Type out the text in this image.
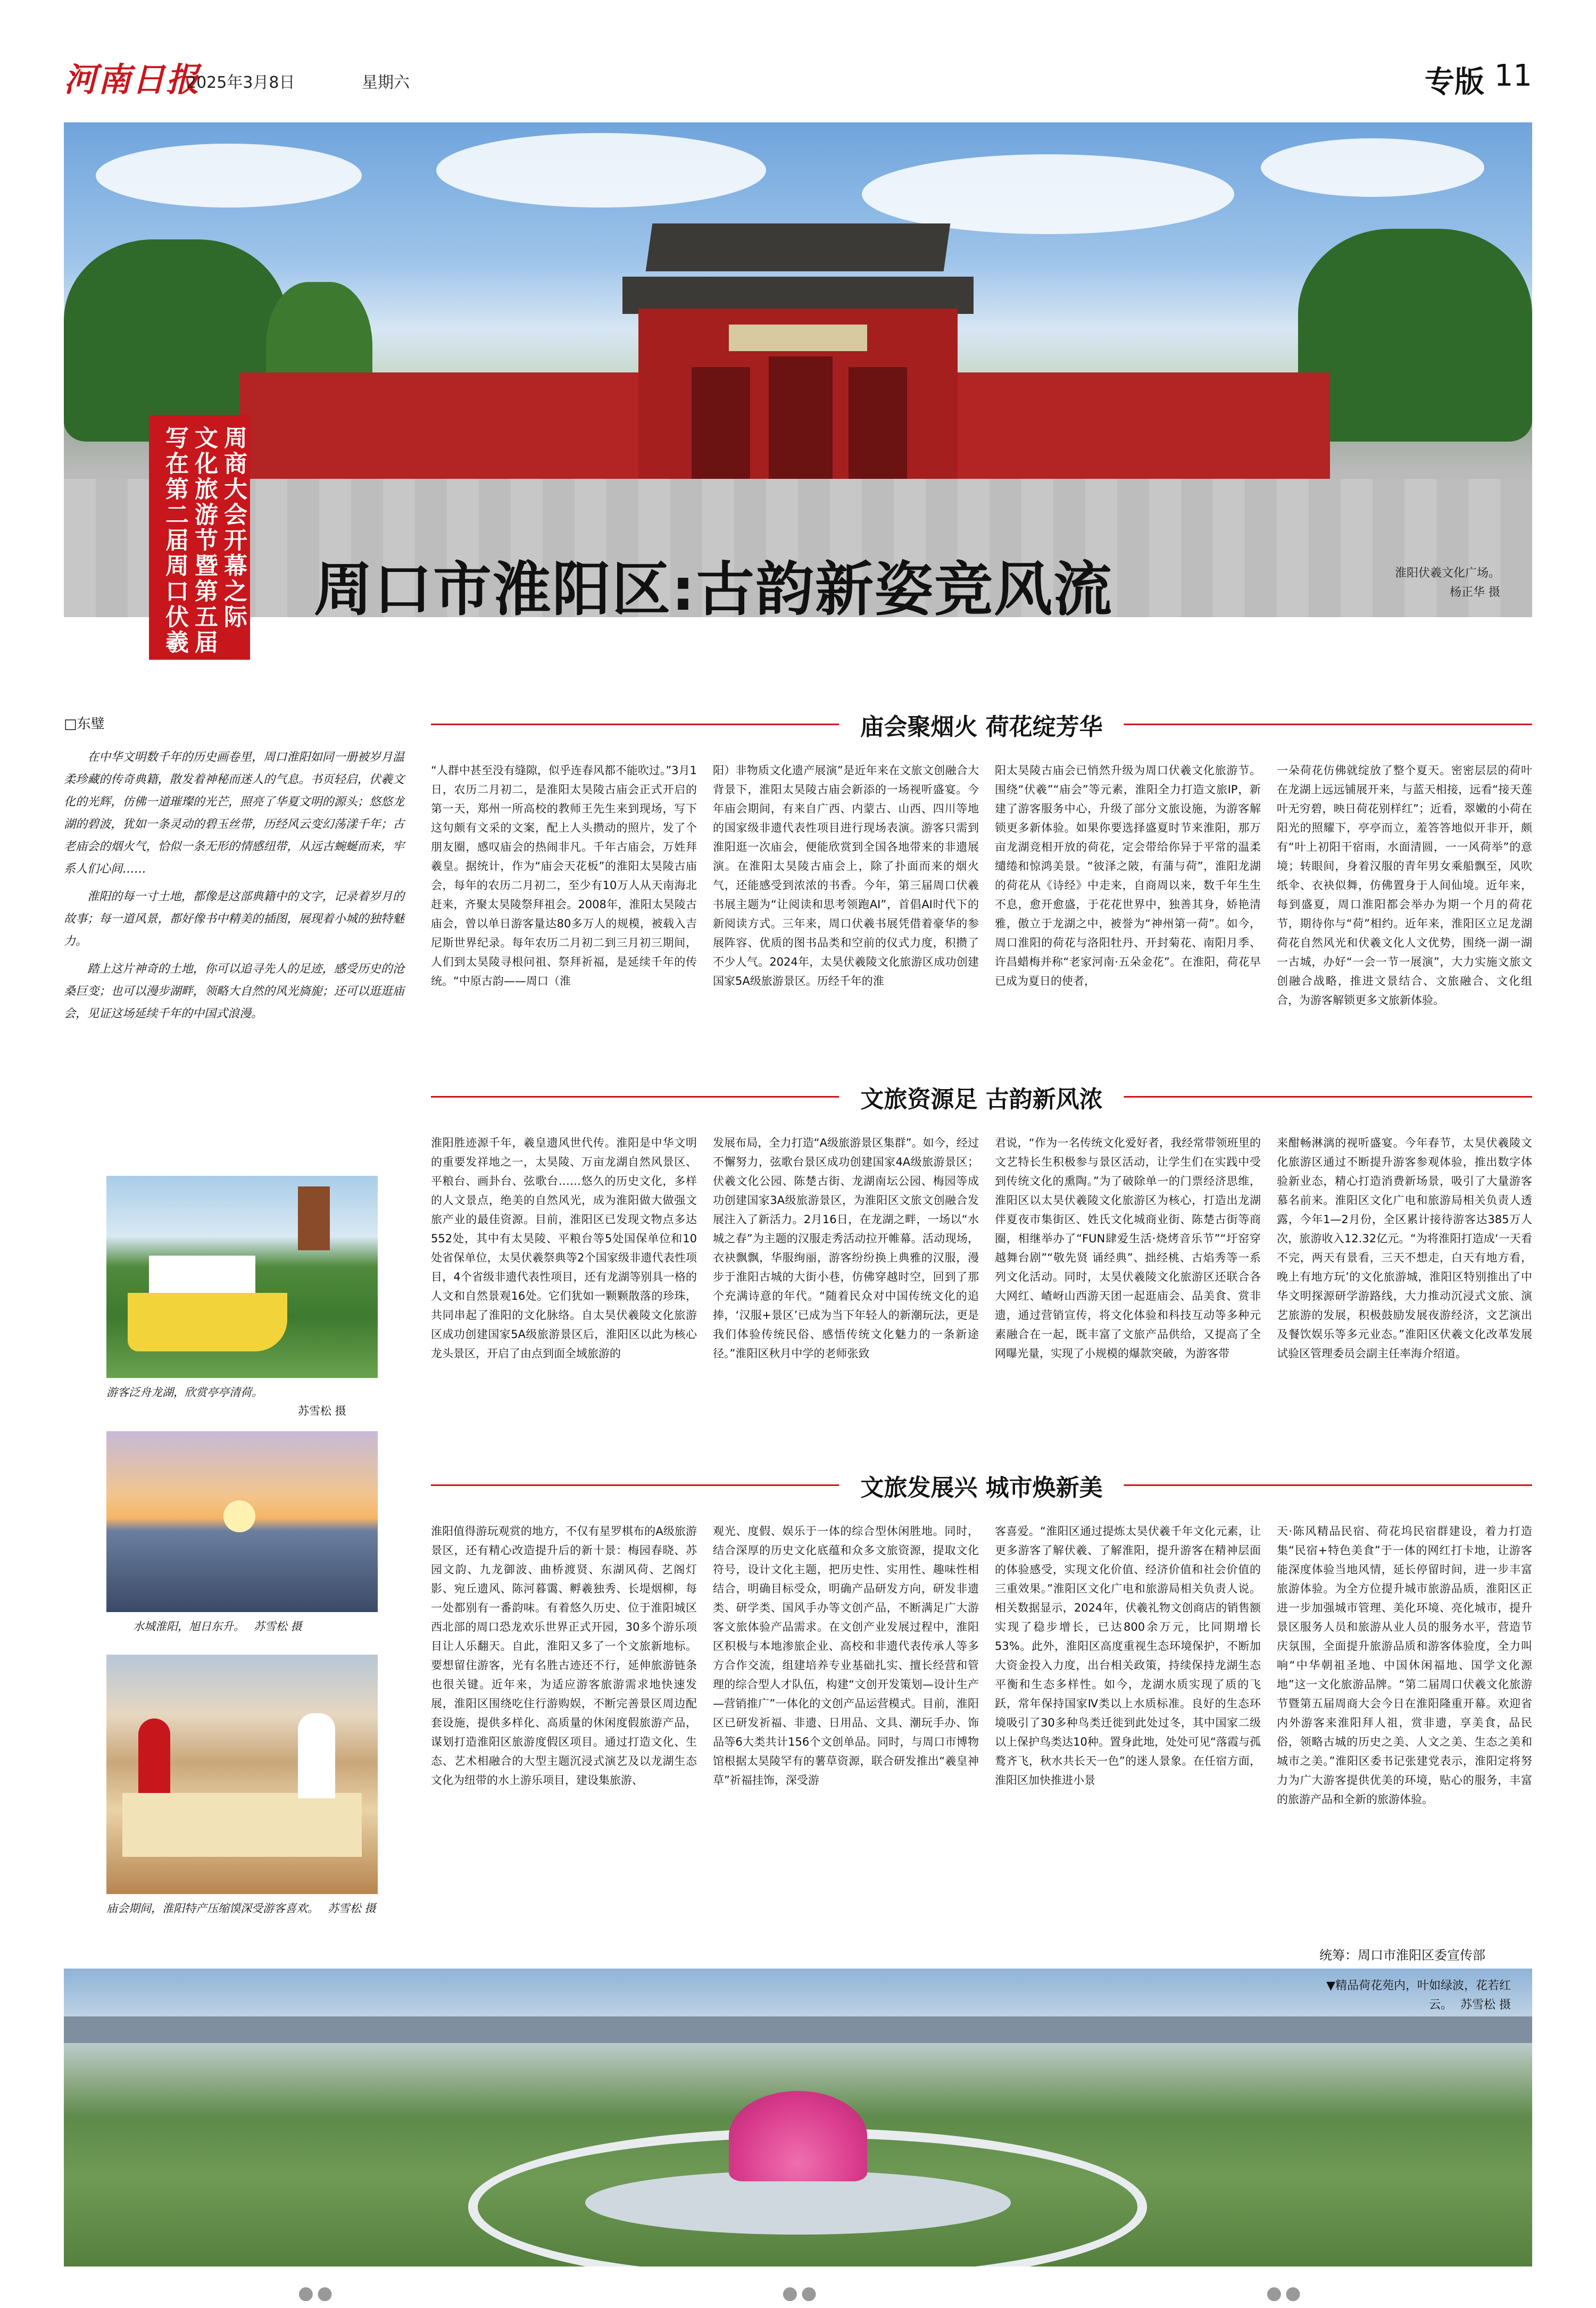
河南日报
2025年3月8日	星期六	专版 11
周商大会开幕之际
文化旅游节暨第五届
写在第二届周口伏羲 周口市淮阳区:古韵新姿竞风流	淮阳伏羲文化广场。
杨正华 摄
□东璧

在中华文明数千年的历史画卷里，周口淮阳如同一册被岁月温柔珍藏的传奇典籍，散发着神秘而迷人的气息。书页轻启，伏羲文化的光辉，仿佛一道璀璨的光芒，照亮了华夏文明的源头；悠悠龙湖的碧波，犹如一条灵动的碧玉丝带，历经风云变幻荡漾千年；古老庙会的烟火气，恰似一条无形的情感纽带，从远古蜿蜒而来，牢系人们心间……

淮阳的每一寸土地，都像是这部典籍中的文字，记录着岁月的故事；每一道风景，都好像书中精美的插图，展现着小城的独特魅力。

踏上这片神奇的土地，你可以追寻先人的足迹，感受历史的沧桑巨变；也可以漫步湖畔，领略大自然的风光旖旎；还可以逛逛庙会，见证这场延续千年的中国式浪漫。

庙会聚烟火 荷花绽芳华
“人群中甚至没有缝隙，似乎连春风都不能吹过。”3月1日，农历二月初二，是淮阳太昊陵古庙会正式开启的第一天，郑州一所高校的教师王先生来到现场，写下这句颇有文采的文案，配上人头攒动的照片，发了个朋友圈，感叹庙会的热闹非凡。千年古庙会，万姓拜羲皇。据统计，作为“庙会天花板”的淮阳太昊陵古庙会，每年的农历二月初二，至少有10万人从天南海北赶来，齐聚太昊陵祭拜祖会。2008年，淮阳太昊陵古庙会，曾以单日游客量达80多万人的规模，被载入吉尼斯世界纪录。每年农历二月初二到三月初三期间，人们到太昊陵寻根问祖、祭拜祈福，是延续千年的传统。“中原古韵——周口（淮
阳）非物质文化遗产展演”是近年来在文旅文创融合大背景下，淮阳太昊陵古庙会新添的一场视听盛宴。今年庙会期间，有来自广西、内蒙古、山西、四川等地的国家级非遗代表性项目进行现场表演。游客只需到淮阳逛一次庙会，便能欣赏到全国各地带来的非遗展演。在淮阳太昊陵古庙会上，除了扑面而来的烟火气，还能感受到浓浓的书香。今年，第三届周口伏羲书展主题为“让阅读和思考领跑AI”，首倡AI时代下的新阅读方式。三年来，周口伏羲书展凭借着豪华的参展阵容、优质的图书品类和空前的仪式力度，积攒了不少人气。2024年，太昊伏羲陵文化旅游区成功创建国家5A级旅游景区。历经千年的淮
阳太昊陵古庙会已悄然升级为周口伏羲文化旅游节。围绕“伏羲”“庙会”等元素，淮阳全力打造文旅IP，新建了游客服务中心，升级了部分文旅设施，为游客解锁更多新体验。如果你要选择盛夏时节来淮阳，那万亩龙湖竞相开放的荷花，定会带给你异于平常的温柔缱绻和惊鸿美景。“彼泽之陂，有蒲与荷”，淮阳龙湖的荷花从《诗经》中走来，自商周以来，数千年生生不息，愈开愈盛，于花花世界中，独善其身，娇艳清雅，傲立于龙湖之中，被誉为“神州第一荷”。如今，周口淮阳的荷花与洛阳牡丹、开封菊花、南阳月季、许昌蜡梅并称“老家河南·五朵金花”。在淮阳，荷花早已成为夏日的使者，
一朵荷花仿佛就绽放了整个夏天。密密层层的荷叶在龙湖上远远铺展开来，与蓝天相接，远看“接天莲叶无穷碧，映日荷花别样红”；近看，翠嫩的小荷在阳光的照耀下，亭亭而立，羞答答地似开非开，颇有“叶上初阳干宿雨，水面清圆，一一风荷举”的意境；转眼间，身着汉服的青年男女乘船飘至，风吹纸伞、衣袂似舞，仿佛置身于人间仙境。近年来，每到盛夏，周口淮阳都会举办为期一个月的荷花节，期待你与“荷”相约。近年来，淮阳区立足龙湖荷花自然风光和伏羲文化人文优势，围绕一湖一湖一古城，办好“一会一节一展演”，大力实施文旅文创融合战略，推进文景结合、文旅融合、文化组合，为游客解锁更多文旅新体验。
文旅资源足 古韵新风浓
淮阳胜迹源千年，羲皇遗风世代传。淮阳是中华文明的重要发祥地之一，太昊陵、万亩龙湖自然风景区、平粮台、画卦台、弦歌台……悠久的历史文化，多样的人文景点，绝美的自然风光，成为淮阳做大做强文旅产业的最佳资源。目前，淮阳区已发现文物点多达552处，其中有太昊陵、平粮台等5处国保单位和10处省保单位，太昊伏羲祭典等2个国家级非遗代表性项目，4个省级非遗代表性项目，还有龙湖等别具一格的人文和自然景观16处。它们犹如一颗颗散落的珍珠，共同串起了淮阳的文化脉络。自太昊伏羲陵文化旅游区成功创建国家5A级旅游景区后，淮阳区以此为核心龙头景区，开启了由点到面全域旅游的
发展布局，全力打造“A级旅游景区集群”。如今，经过不懈努力，弦歌台景区成功创建国家4A级旅游景区；伏羲文化公园、陈楚古街、龙湖南坛公园、梅园等成功创建国家3A级旅游景区，为淮阳区文旅文创融合发展注入了新活力。2月16日，在龙湖之畔，一场以“水城之春”为主题的汉服走秀活动拉开帷幕。活动现场，衣袂飘飘，华服绚丽，游客纷纷换上典雅的汉服，漫步于淮阳古城的大街小巷，仿佛穿越时空，回到了那个充满诗意的年代。“随着民众对中国传统文化的追捧，‘汉服+景区’已成为当下年轻人的新潮玩法，更是我们体验传统民俗、感悟传统文化魅力的一条新途径。”淮阳区秋月中学的老师张致
君说，“作为一名传统文化爱好者，我经常带领班里的文艺特长生积极参与景区活动，让学生们在实践中受到传统文化的熏陶。”为了破除单一的门票经济思维，淮阳区以太昊伏羲陵文化旅游区为核心，打造出龙湖伴夏夜市集街区、姓氏文化城商业街、陈楚古街等商圈，相继举办了“FUN肆爱生活·烧烤音乐节”“圩窑穿越舞台剧”“敬先贤 诵经典”、拙经桃、古焰秀等一系列文化活动。同时，太昊伏羲陵文化旅游区还联合各大网红、嵖岈山西游天团一起逛庙会、品美食、赏非遗，通过营销宣传，将文化体验和科技互动等多种元素融合在一起，既丰富了文旅产品供给，又提高了全网曝光量，实现了小规模的爆款突破，为游客带
来酣畅淋漓的视听盛宴。今年春节，太昊伏羲陵文化旅游区通过不断提升游客参观体验，推出数字体验新业态，精心打造消费新场景，吸引了大量游客慕名前来。淮阳区文化广电和旅游局相关负责人透露，今年1—2月份，全区累计接待游客达385万人次，旅游收入12.32亿元。“为将淮阳打造成‘一天看不完，两天有景看，三天不想走，白天有地方看，晚上有地方玩’的文化旅游城，淮阳区特别推出了中华文明探源研学游路线，大力推动沉浸式文旅、演艺旅游的发展，积极鼓励发展夜游经济，文艺演出及餐饮娱乐等多元业态。”淮阳区伏羲文化改革发展试验区管理委员会副主任率海介绍道。
文旅发展兴 城市焕新美
淮阳值得游玩观赏的地方，不仅有星罗棋布的A级旅游景区，还有精心改造提升后的新十景：梅园春晓、苏园文韵、九龙御波、曲桥渡贤、东湖风荷、艺阁灯影、宛丘遗风、陈河暮霭、孵羲独秀、长堤烟柳，每一处都别有一番韵味。有着悠久历史、位于淮阳城区西北部的周口恐龙欢乐世界正式开园，30多个游乐项目让人乐翻天。自此，淮阳又多了一个文旅新地标。要想留住游客，光有名胜古迹还不行，延伸旅游链条也很关键。近年来，为适应游客旅游需求地快速发展，淮阳区围绕吃住行游购娱，不断完善景区周边配套设施，提供多样化、高质量的休闲度假旅游产品，谋划打造淮阳区旅游度假区项目。通过打造文化、生态、艺术相融合的大型主题沉浸式演艺及以龙湖生态文化为纽带的水上游乐项目，建设集旅游、
观光、度假、娱乐于一体的综合型休闲胜地。同时，结合深厚的历史文化底蕴和众多文旅资源，提取文化符号，设计文化主题，把历史性、实用性、趣味性相结合，明确目标受众，明确产品研发方向，研发非遗类、研学类、国风手办等文创产品，不断满足广大游客文旅体验产品需求。在文创产业发展过程中，淮阳区积极与本地渗旅企业、高校和非遗代表传承人等多方合作交流，组建培养专业基础扎实、擅长经营和管理的综合型人才队伍，构建“文创开发策划—设计生产—营销推广”一体化的文创产品运营模式。目前，淮阳区已研发祈福、非遗、日用品、文具、潮玩手办、饰品等6大类共计156个文创单品。同时，与周口市博物馆根据太昊陵罕有的薯草资源，联合研发推出“羲皇神草”祈福挂饰，深受游
客喜爱。“淮阳区通过提炼太昊伏羲千年文化元素，让更多游客了解伏羲、了解淮阳，提升游客在精神层面的体验感受，实现文化价值、经济价值和社会价值的三重效果。”淮阳区文化广电和旅游局相关负责人说。相关数据显示，2024年，伏羲礼物文创商店的销售额实现了稳步增长，已达800余万元，比同期增长53%。此外，淮阳区高度重视生态环境保护，不断加大资金投入力度，出台相关政策，持续保持龙湖生态平衡和生态多样性。如今，龙湖水质实现了质的飞跃，常年保持国家Ⅳ类以上水质标准。良好的生态环境吸引了30多种鸟类迁徙到此处过冬，其中国家二级以上保护鸟类达10种。置身此地，处处可见“落霞与孤鹜齐飞，秋水共长天一色”的迷人景象。在任宿方面，淮阳区加快推进小景
天·陈风精品民宿、荷花坞民宿群建设，着力打造集“民宿+特色美食”于一体的网红打卡地，让游客能深度体验当地风情，延长停留时间，进一步丰富旅游体验。为全方位提升城市旅游品质，淮阳区正进一步加强城市管理、美化环境、亮化城市，提升景区服务人员和旅游从业人员的服务水平，营造节庆氛围，全面提升旅游品质和游客体验度，全力叫响“中华朝祖圣地、中国休闲福地、国学文化源地”这一文化旅游品牌。“第二届周口伏羲文化旅游节暨第五届周商大会今日在淮阳隆重开幕。欢迎省内外游客来淮阳拜人祖，赏非遗，享美食，品民俗，领略古城的历史之美、人文之美、生态之美和城市之美。”淮阳区委书记张建党表示，淮阳定将努力为广大游客提供优美的环境，贴心的服务，丰富的旅游产品和全新的旅游体验。
游客泛舟龙湖，欣赏亭亭清荷。
苏雪松 摄
水城淮阳，旭日东升。 苏雪松 摄
庙会期间，淮阳特产压缩馍深受游客喜欢。 苏雪松 摄
统筹：周口市淮阳区委宣传部
▼精品荷花苑内，叶如绿波，花若红云。 苏雪松 摄
●●	●●	●●
